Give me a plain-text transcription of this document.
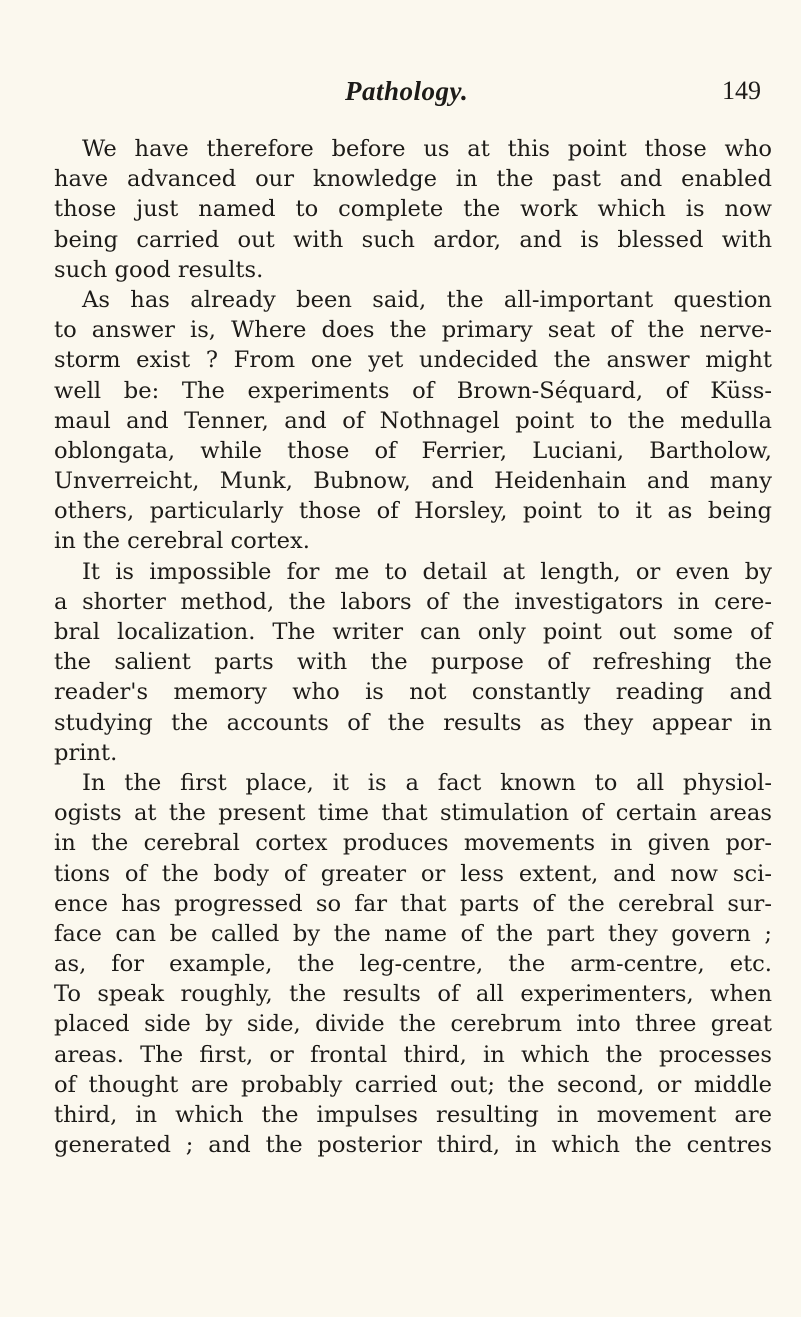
Pathology.	149
We have therefore before us at this point those who
have advanced our knowledge in the past and enabled
those just named to complete the work which is now
being carried out with such ardor, and is blessed with
such good results.
As has already been said, the all-important question
to answer is, Where does the primary seat of the nerve-
storm exist ? From one yet undecided the answer might
well be: The experiments of Brown-Séquard, of Küss-
maul and Tenner, and of Nothnagel point to the medulla
oblongata, while those of Ferrier, Luciani, Bartholow,
Unverreicht, Munk, Bubnow, and Heidenhain and many
others, particularly those of Horsley, point to it as being
in the cerebral cortex.
It is impossible for me to detail at length, or even by
a shorter method, the labors of the investigators in cere-
bral localization. The writer can only point out some of
the salient parts with the purpose of refreshing the
reader's memory who is not constantly reading and
studying the accounts of the results as they appear in
print.
In the first place, it is a fact known to all physiol-
ogists at the present time that stimulation of certain areas
in the cerebral cortex produces movements in given por-
tions of the body of greater or less extent, and now sci-
ence has progressed so far that parts of the cerebral sur-
face can be called by the name of the part they govern ;
as, for example, the leg-centre, the arm-centre, etc.
To speak roughly, the results of all experimenters, when
placed side by side, divide the cerebrum into three great
areas. The first, or frontal third, in which the processes
of thought are probably carried out; the second, or middle
third, in which the impulses resulting in movement are
generated ; and the posterior third, in which the centres
